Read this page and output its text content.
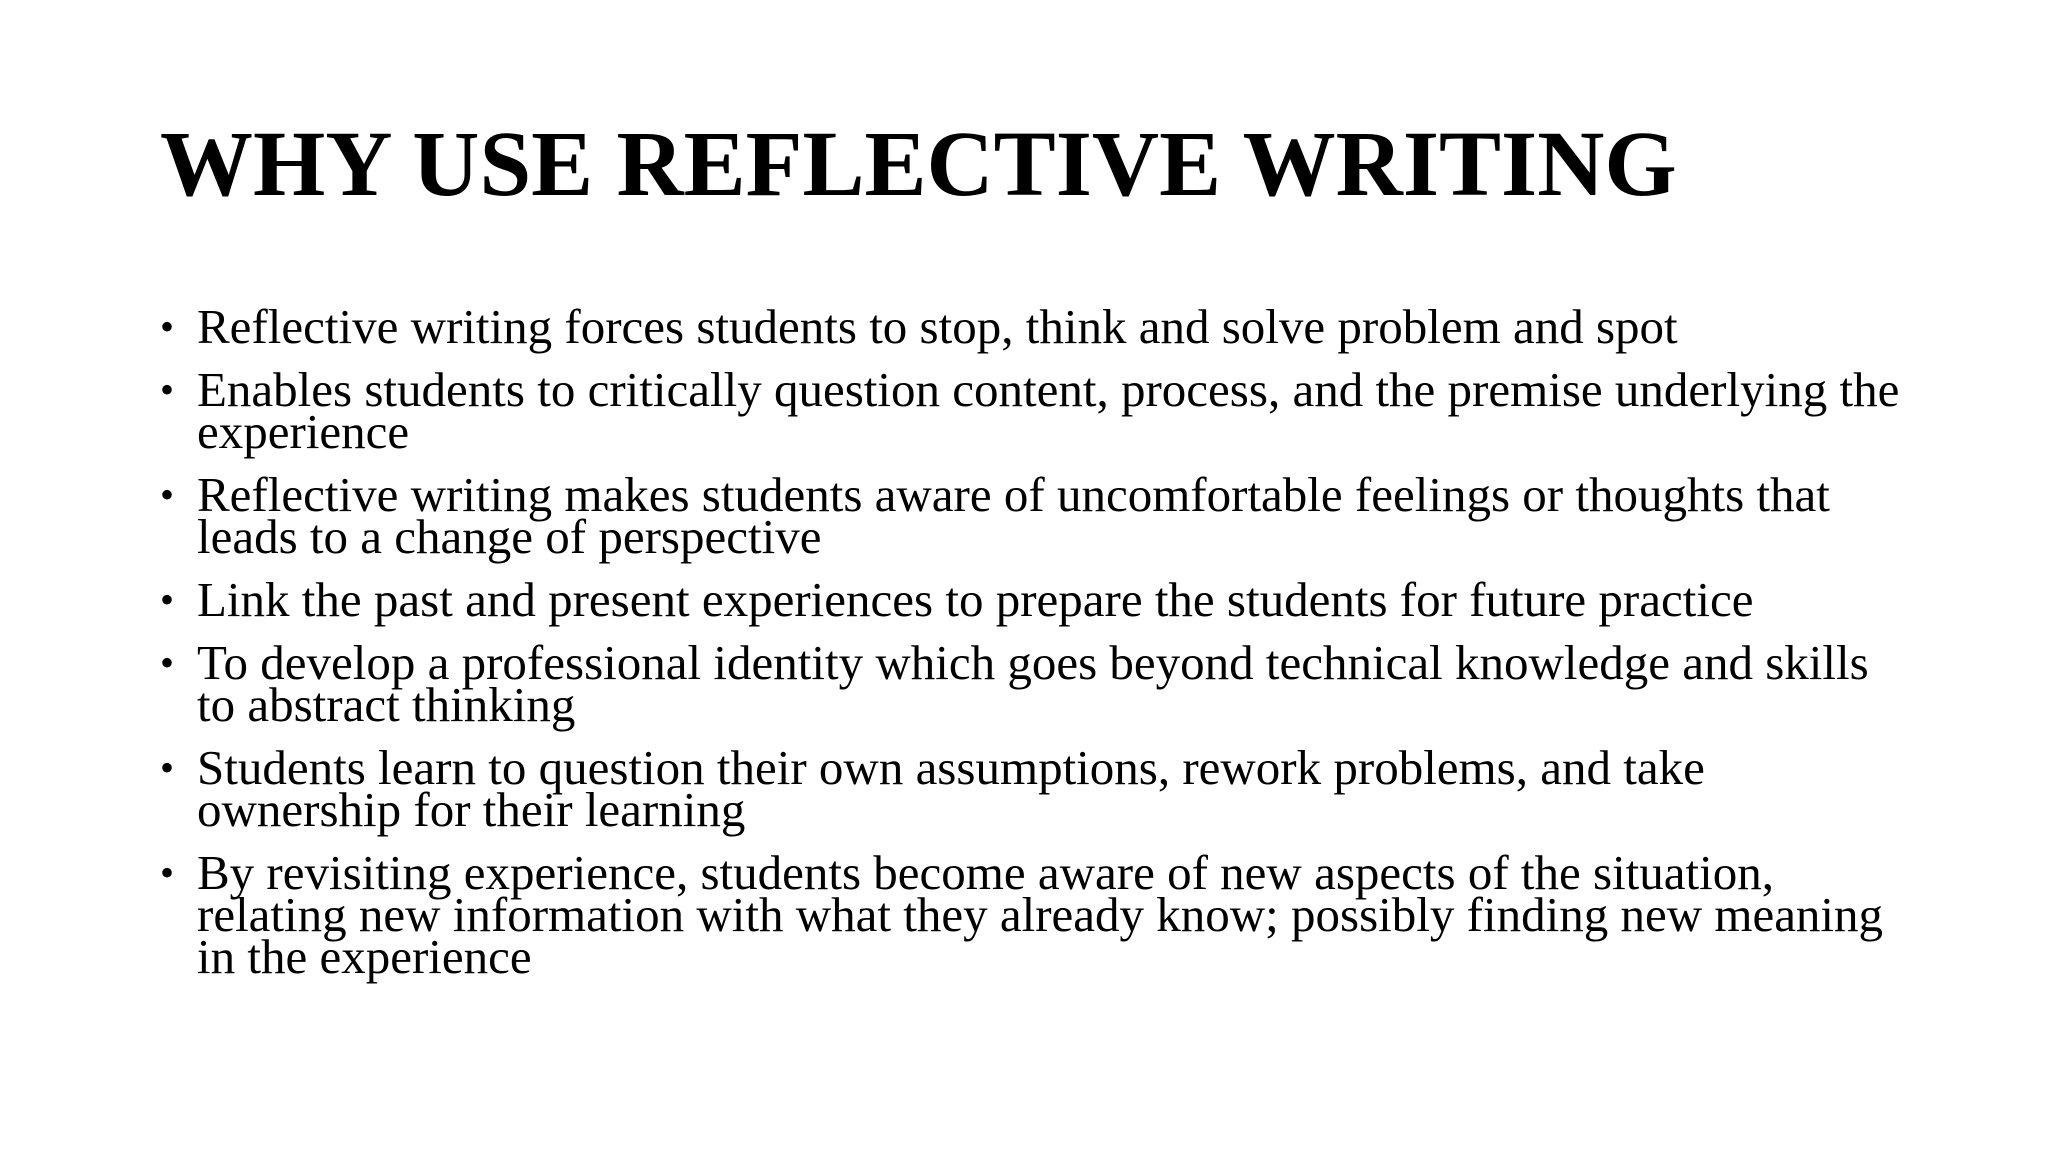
WHY USE REFLECTIVE WRITING
• Reflective writing forces students to stop, think and solve problem and spot
• Enables students to critically question content, process, and the premise underlying the experience
• Reflective writing makes students aware of uncomfortable feelings or thoughts that leads to a change of perspective
• Link the past and present experiences to prepare the students for future practice
• To develop a professional identity which goes beyond technical knowledge and skills to abstract thinking
• Students learn to question their own assumptions, rework problems, and take ownership for their learning
• By revisiting experience, students become aware of new aspects of the situation, relating new information with what they already know; possibly finding new meaning in the experience
